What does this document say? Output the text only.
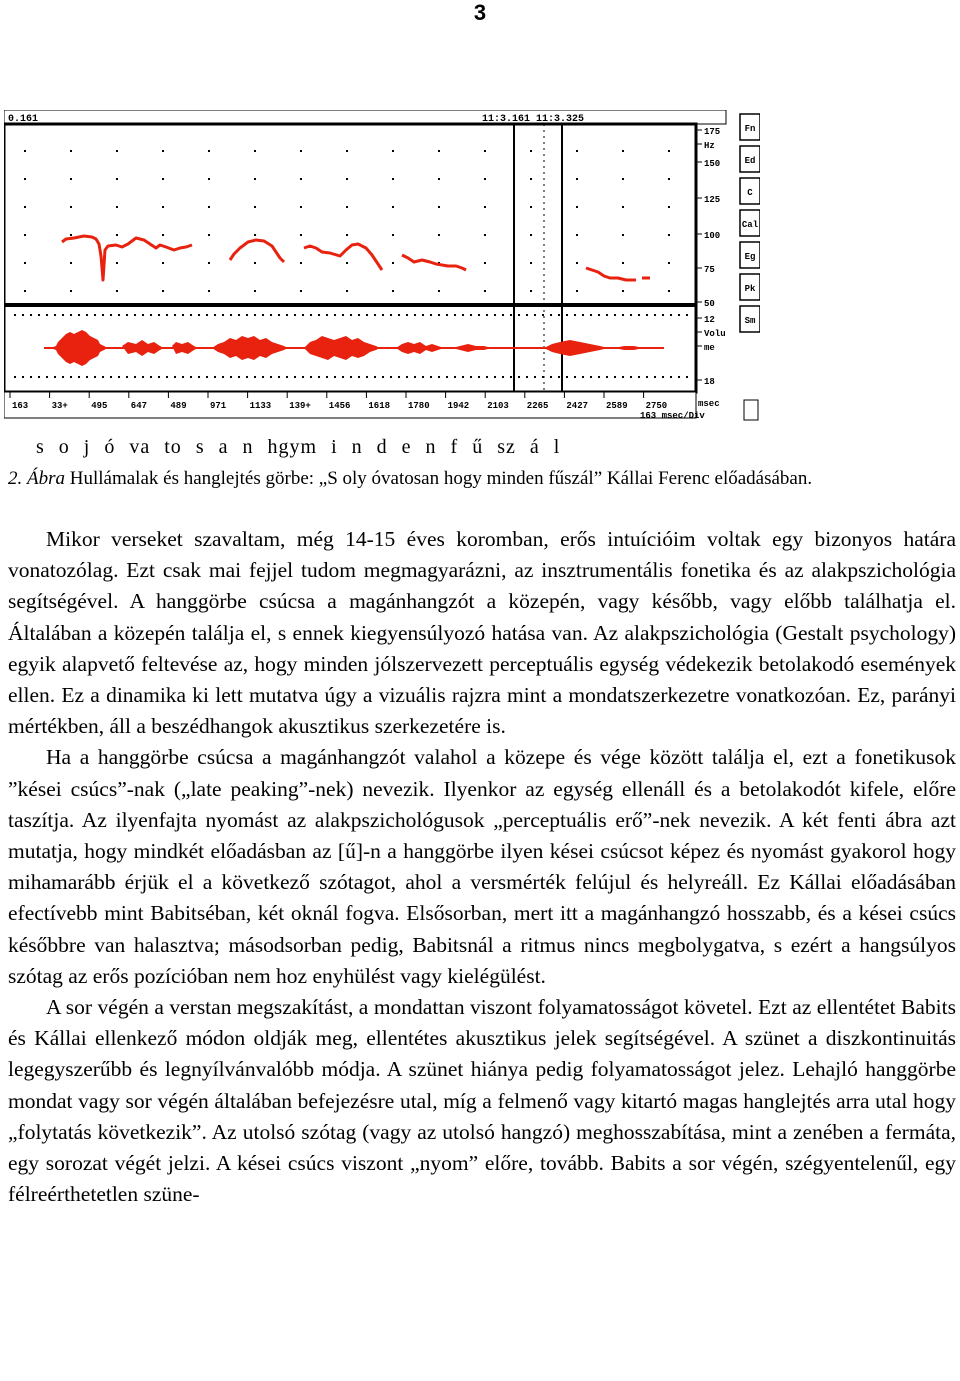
3
0.161	11:3.161 11:3.325
163	33+	495	647	489	971	1133 139+ 1456 1618 1780 1942 2103 2265 2427 2589 2750	msec
163 msec/Div
175
Hz
150
125
100
75
50
12
Volu
me
18
Fn
Ed
C
Cal
Eg
Pk
Sm
s o j ó va to s a n hgym i n d e n f ű sz á l
2. Ábra Hullámalak és hanglejtés görbe: „S oly óvatosan hogy minden fűszál” Kállai Ferenc előadásában.

Mikor verseket szavaltam, még 14-15 éves koromban, erős intuícióim voltak egy bizonyos határa vonatozólag. Ezt csak mai fejjel tudom megmagyarázni, az insztrumentális fonetika és az alakpszichológia segítségével. A hanggörbe csúcsa a magánhangzót a közepén, vagy később, vagy előbb találhatja el. Általában a közepén találja el, s ennek kiegyensúlyozó hatása van. Az alakpszichológia (Gestalt psychology) egyik alapvető feltevése az, hogy minden jólszervezett perceptuális egység védekezik betolakodó események ellen. Ez a dinamika ki lett mutatva úgy a vizuális rajzra mint a mondatszerkezetre vonatkozóan. Ez, parányi mértékben, áll a beszédhangok akusztikus szerkezetére is.

Ha a hanggörbe csúcsa a magánhangzót valahol a közepe és vége között találja el, ezt a fonetikusok ”kései csúcs”-nak („late peaking”-nek) nevezik. Ilyenkor az egység ellenáll és a betolakodót kifele, előre taszítja. Az ilyenfajta nyomást az alakpszichológusok „perceptuális erő”-nek nevezik. A két fenti ábra azt mutatja, hogy mindkét előadásban az [ű]-n a hanggörbe ilyen kései csúcsot képez és nyomást gyakorol hogy mihamarább érjük el a következő szótagot, ahol a versmérték felújul és helyreáll. Ez Kállai előadásában efectívebb mint Babitséban, két oknál fogva. Elsősorban, mert itt a magánhangzó hosszabb, és a kései csúcs későbbre van halasztva; másodsorban pedig, Babitsnál a ritmus nincs megbolygatva, s ezért a hangsúlyos szótag az erős pozícióban nem hoz enyhülést vagy kielégülést.

A sor végén a verstan megszakítást, a mondattan viszont folyamatosságot követel. Ezt az ellentétet Babits és Kállai ellenkező módon oldják meg, ellentétes akusztikus jelek segítségével. A szünet a diszkontinuitás legegyszerűbb és legnyílvánvalóbb módja. A szünet hiánya pedig folyamatosságot jelez. Lehajló hanggörbe mondat vagy sor végén általában befejezésre utal, míg a felmenő vagy kitartó magas hanglejtés arra utal hogy „folytatás következik”. Az utolsó szótag (vagy az utolsó hangzó) meghosszabítása, mint a zenében a fermáta, egy sorozat végét jelzi. A kései csúcs viszont „nyom” előre, tovább. Babits a sor végén, szégyentelenűl, egy félreérthetetlen szüne-
